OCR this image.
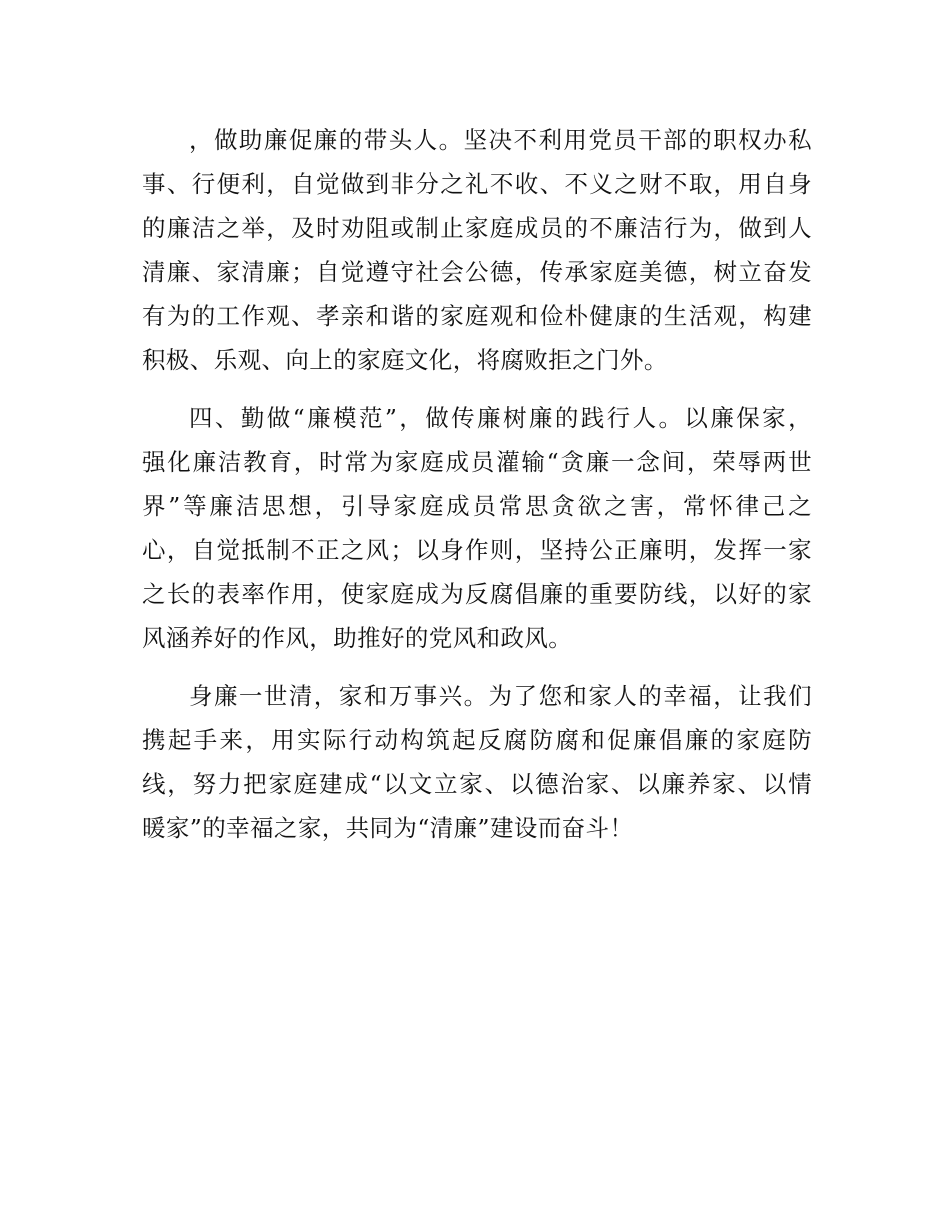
，做助廉促廉的带头人。坚决不利用党员干部的职权办私
事、行便利，自觉做到非分之礼不收、不义之财不取，用自身
的廉洁之举，及时劝阻或制止家庭成员的不廉洁行为，做到人
清廉、家清廉；自觉遵守社会公德，传承家庭美德，树立奋发
有为的工作观、孝亲和谐的家庭观和俭朴健康的生活观，构建
积极、乐观、向上的家庭文化，将腐败拒之门外。
四、勤做“廉模范”，做传廉树廉的践行人。以廉保家，
强化廉洁教育，时常为家庭成员灌输“贪廉一念间，荣辱两世
界”等廉洁思想，引导家庭成员常思贪欲之害，常怀律己之
心，自觉抵制不正之风；以身作则，坚持公正廉明，发挥一家
之长的表率作用，使家庭成为反腐倡廉的重要防线，以好的家
风涵养好的作风，助推好的党风和政风。
身廉一世清，家和万事兴。为了您和家人的幸福，让我们
携起手来，用实际行动构筑起反腐防腐和促廉倡廉的家庭防
线，努力把家庭建成“以文立家、以德治家、以廉养家、以情
暖家”的幸福之家，共同为“清廉”建设而奋斗！
